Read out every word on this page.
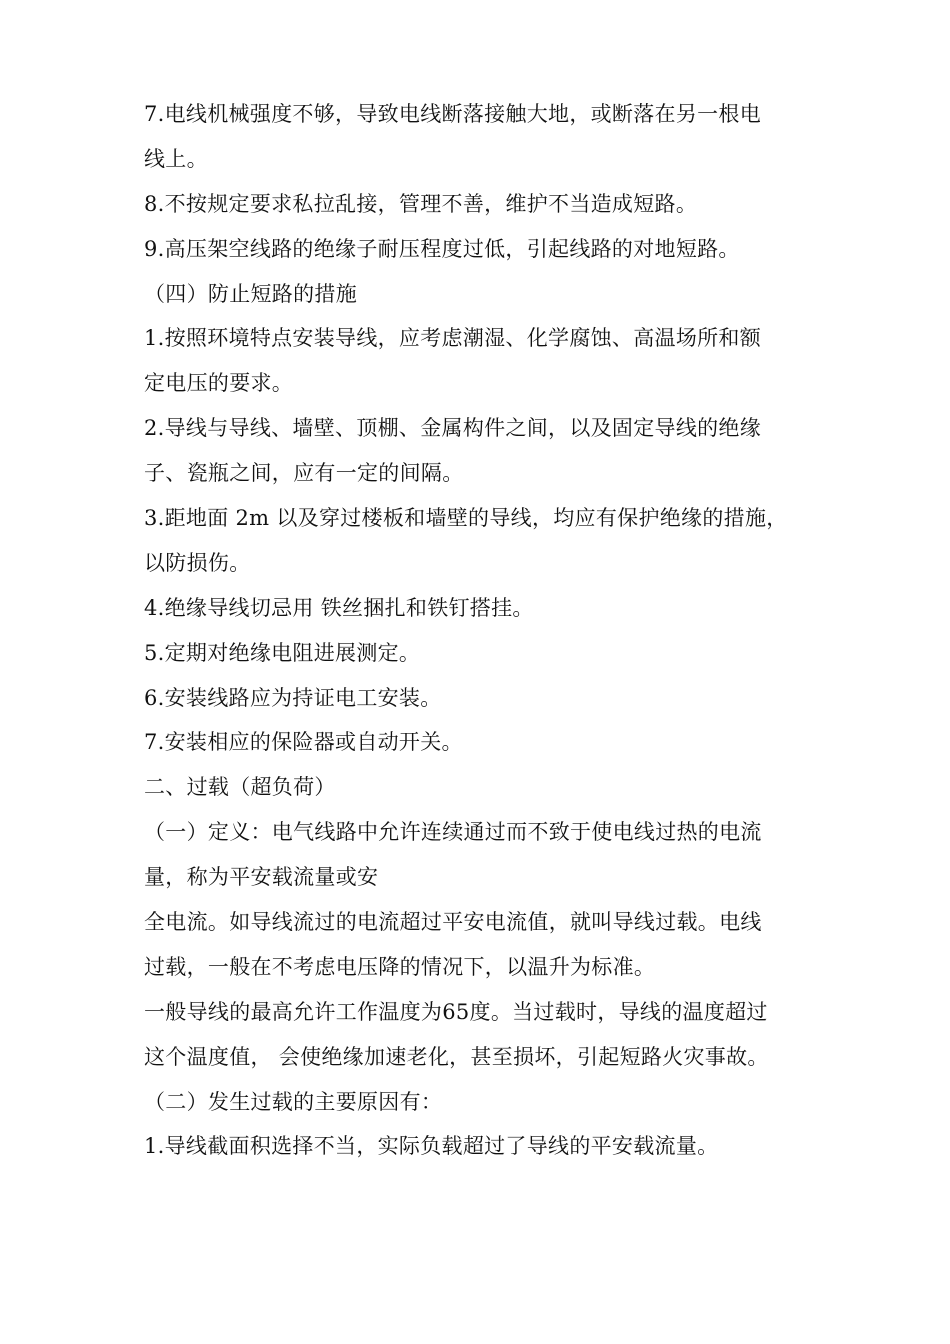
7.电线机械强度不够，导致电线断落接触大地，或断落在另一根电
线上。
8.不按规定要求私拉乱接，管理不善，维护不当造成短路。
9.高压架空线路的绝缘子耐压程度过低，引起线路的对地短路。
（四）防止短路的措施
1.按照环境特点安装导线，应考虑潮湿、化学腐蚀、高温场所和额
定电压的要求。
2.导线与导线、墙壁、顶棚、金属构件之间，以及固定导线的绝缘
子、瓷瓶之间，应有一定的间隔。
3.距地面 2m 以及穿过楼板和墙壁的导线，均应有保护绝缘的措施，
以防损伤。
4.绝缘导线切忌用 铁丝捆扎和铁钉搭挂。
5.定期对绝缘电阻进展测定。
6.安装线路应为持证电工安装。
7.安装相应的保险器或自动开关。
二、过载（超负荷）
（一）定义：电气线路中允许连续通过而不致于使电线过热的电流
量，称为平安载流量或安
全电流。如导线流过的电流超过平安电流值，就叫导线过载。电线
过载，一般在不考虑电压降的情况下，以温升为标准。
一般导线的最高允许工作温度为65度。当过载时，导线的温度超过
这个温度值， 会使绝缘加速老化，甚至损坏，引起短路火灾事故。
（二）发生过载的主要原因有：
1.导线截面积选择不当，实际负载超过了导线的平安载流量。
